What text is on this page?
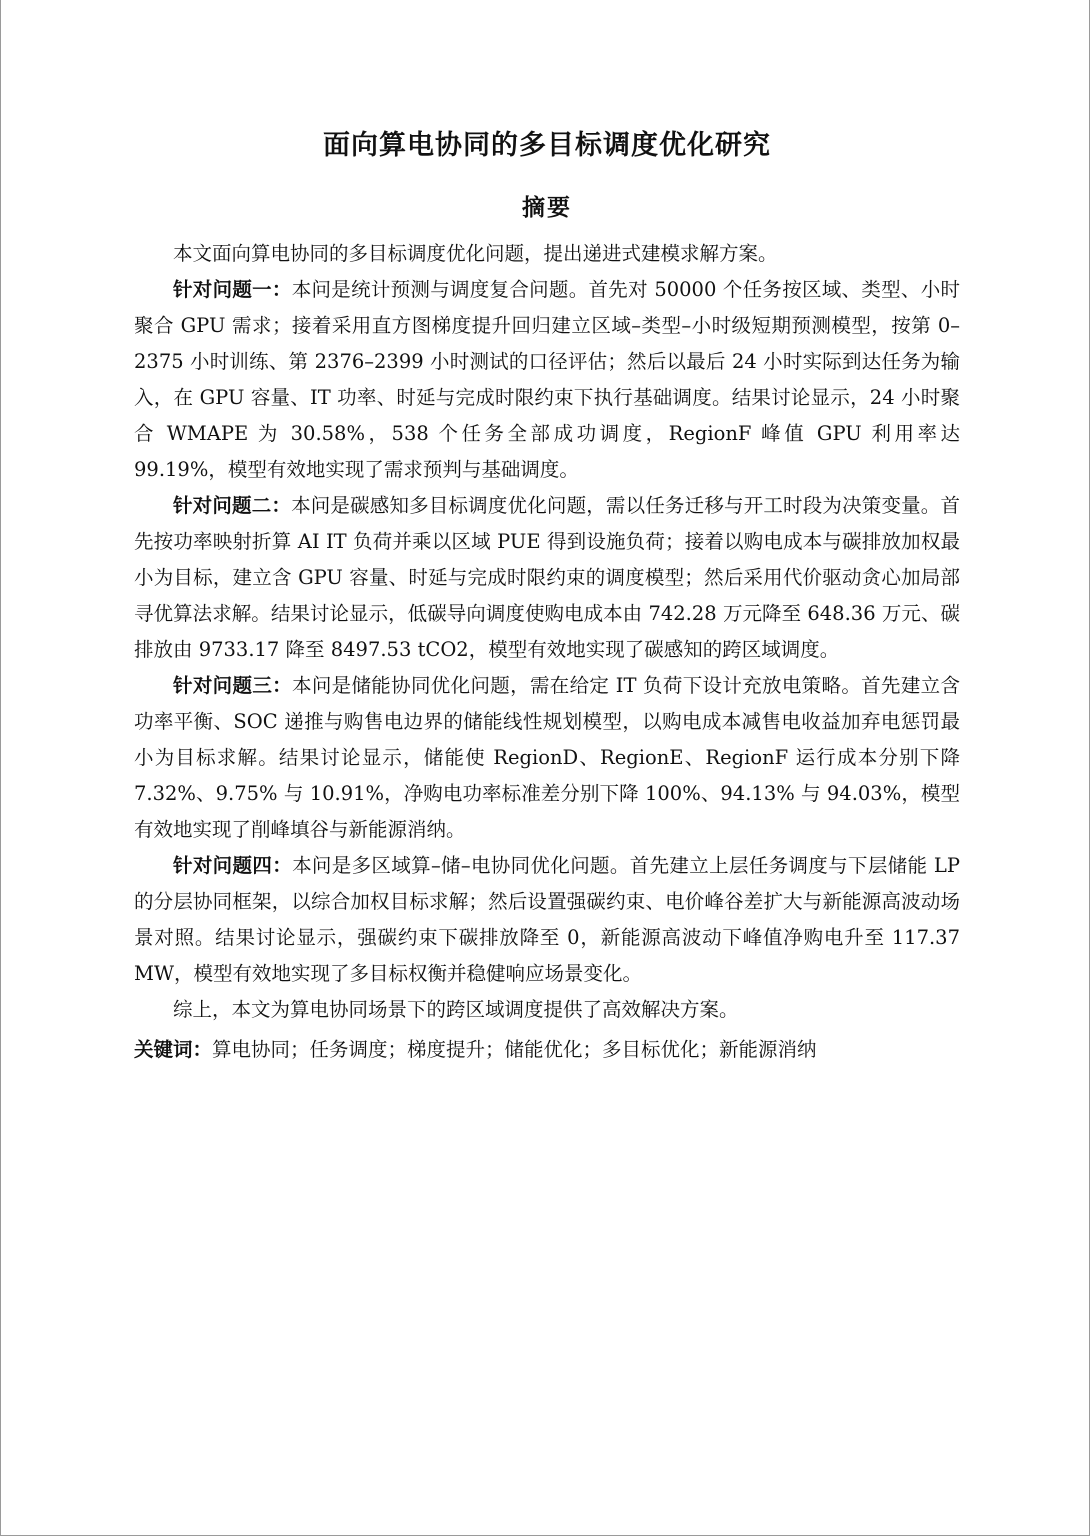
面向算电协同的多目标调度优化研究
摘要

本文面向算电协同的多目标调度优化问题，提出递进式建模求解方案。

针对问题一：本问是统计预测与调度复合问题。首先对 50000 个任务按区域、类型、小时聚合 GPU 需求；接着采用直方图梯度提升回归建立区域–类型–小时级短期预测模型，按第 0–2375 小时训练、第 2376–2399 小时测试的口径评估；然后以最后 24 小时实际到达任务为输入，在 GPU 容量、IT 功率、时延与完成时限约束下执行基础调度。结果讨论显示，24 小时聚合 WMAPE 为 30.58%，538 个任务全部成功调度，RegionF 峰值 GPU 利用率达 99.19%，模型有效地实现了需求预判与基础调度。

针对问题二：本问是碳感知多目标调度优化问题，需以任务迁移与开工时段为决策变量。首先按功率映射折算 AI IT 负荷并乘以区域 PUE 得到设施负荷；接着以购电成本与碳排放加权最小为目标，建立含 GPU 容量、时延与完成时限约束的调度模型；然后采用代价驱动贪心加局部寻优算法求解。结果讨论显示，低碳导向调度使购电成本由 742.28 万元降至 648.36 万元、碳排放由 9733.17 降至 8497.53 tCO2，模型有效地实现了碳感知的跨区域调度。

针对问题三：本问是储能协同优化问题，需在给定 IT 负荷下设计充放电策略。首先建立含功率平衡、SOC 递推与购售电边界的储能线性规划模型，以购电成本减售电收益加弃电惩罚最小为目标求解。结果讨论显示，储能使 RegionD、RegionE、RegionF 运行成本分别下降 7.32%、9.75% 与 10.91%，净购电功率标准差分别下降 100%、94.13% 与 94.03%，模型有效地实现了削峰填谷与新能源消纳。

针对问题四：本问是多区域算–储–电协同优化问题。首先建立上层任务调度与下层储能 LP 的分层协同框架，以综合加权目标求解；然后设置强碳约束、电价峰谷差扩大与新能源高波动场景对照。结果讨论显示，强碳约束下碳排放降至 0，新能源高波动下峰值净购电升至 117.37 MW，模型有效地实现了多目标权衡并稳健响应场景变化。

综上，本文为算电协同场景下的跨区域调度提供了高效解决方案。

关键词：算电协同；任务调度；梯度提升；储能优化；多目标优化；新能源消纳
